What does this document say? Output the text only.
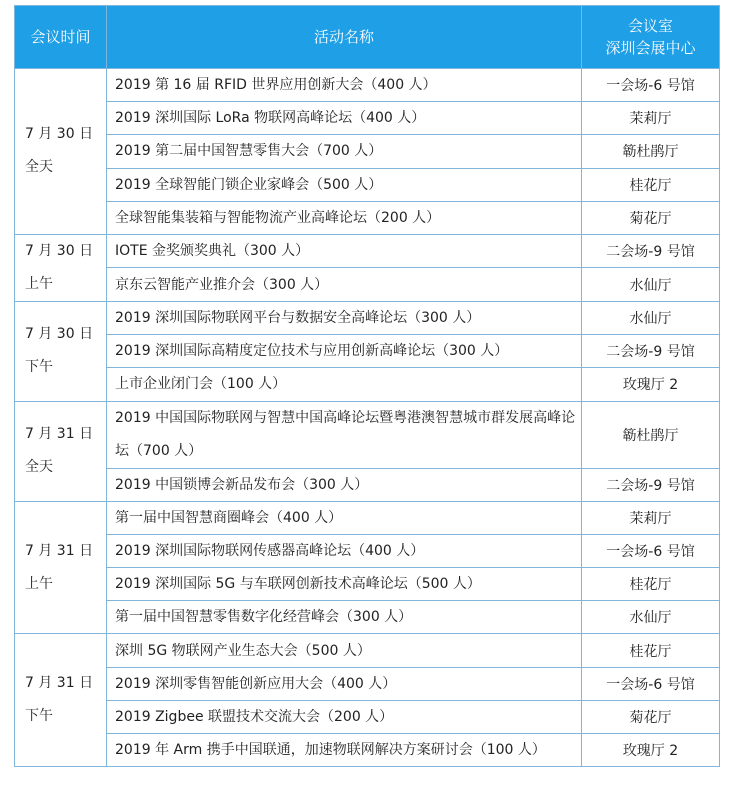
会议时间	活动名称	会议室
深圳会展中心

7 月 30 日
全天	2019 第 16 届 RFID 世界应用创新大会（400 人）	一会场-6 号馆
	2019 深圳国际 LoRa 物联网高峰论坛（400 人）	茉莉厅
	2019 第二届中国智慧零售大会（700 人）	簕杜鹃厅
	2019 全球智能门锁企业家峰会（500 人）	桂花厅
	全球智能集装箱与智能物流产业高峰论坛（200 人）	菊花厅

7 月 30 日
上午	IOTE 金奖颁奖典礼（300 人）	二会场-9 号馆
	京东云智能产业推介会（300 人）	水仙厅

7 月 30 日
下午	2019 深圳国际物联网平台与数据安全高峰论坛（300 人）	水仙厅
	2019 深圳国际高精度定位技术与应用创新高峰论坛（300 人）	二会场-9 号馆
	上市企业闭门会（100 人）	玫瑰厅 2

7 月 31 日
全天	2019 中国国际物联网与智慧中国高峰论坛暨粤港澳智慧城市群发展高峰论坛（700 人）	簕杜鹃厅
	2019 中国锁博会新品发布会（300 人）	二会场-9 号馆

7 月 31 日
上午	第一届中国智慧商圈峰会（400 人）	茉莉厅
	2019 深圳国际物联网传感器高峰论坛（400 人）	一会场-6 号馆
	2019 深圳国际 5G 与车联网创新技术高峰论坛（500 人）	桂花厅
	第一届中国智慧零售数字化经营峰会（300 人）	水仙厅

7 月 31 日
下午	深圳 5G 物联网产业生态大会（500 人）	桂花厅
	2019 深圳零售智能创新应用大会（400 人）	一会场-6 号馆
	2019 Zigbee 联盟技术交流大会（200 人）	菊花厅
	2019 年 Arm 携手中国联通，加速物联网解决方案研讨会（100 人）	玫瑰厅 2
